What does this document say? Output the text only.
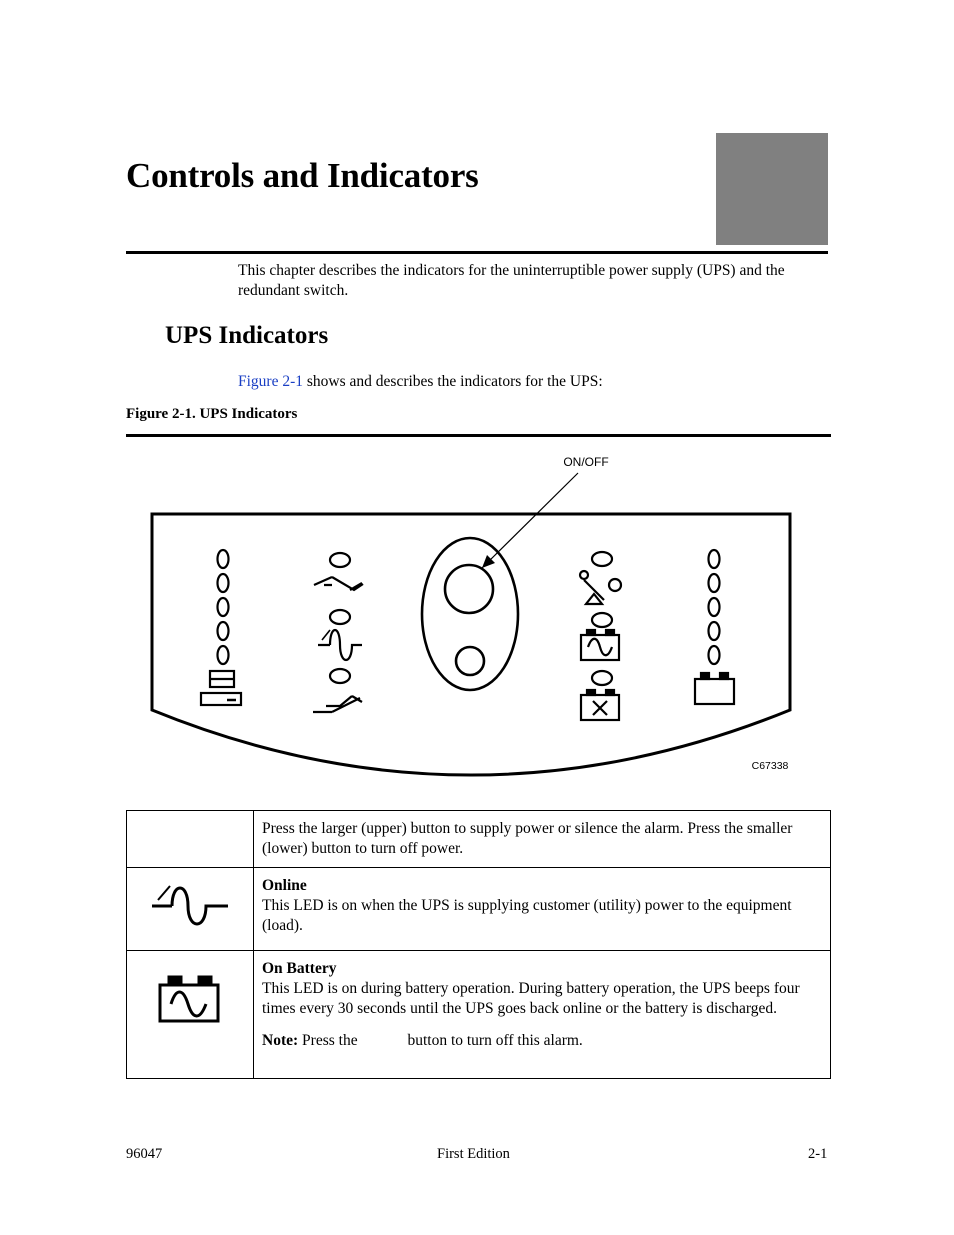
Controls and Indicators

This chapter describes the indicators for the uninterruptible power supply (UPS) and the redundant switch.

UPS Indicators

Figure 2-1 shows and describes the indicators for the UPS:

Figure 2-1. UPS Indicators

ON/OFF
C67338
	Press the larger (upper) button to supply power or silence the alarm. Press the smaller (lower) button to turn off power.

Online
This LED is on when the UPS is supplying customer (utility) power to the equipment (load).

On Battery
This LED is on during battery operation. During battery operation, the UPS beeps four times every 30 seconds until the UPS goes back online or the battery is discharged.
Note: Press the button to turn off this alarm.
96047	First Edition	2-1
